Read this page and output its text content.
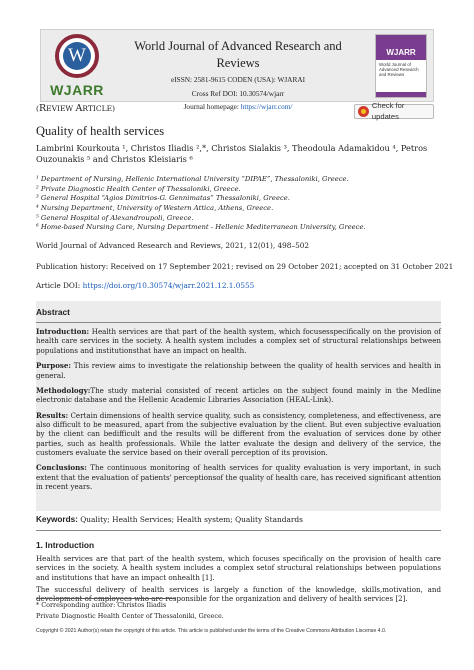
W
WJARR
World Journal of Advanced Research and Reviews
eISSN: 2581-9615 CODEN (USA): WJARAI
Cross Ref DOI: 10.30574/wjarr
Journal homepage: https://wjarr.com/
WJARR
World Journal of Advanced Research and Reviews
(REVIEW ARTICLE)	Check for updates
Quality of health services
Lambrini Kourkouta ¹, Christos Iliadis ²,*, Christos Sialakis ³, Theodoula Adamakidou ⁴, Petros Ouzounakis ⁵ and Christos Kleisiaris ⁶
¹ Department of Nursing, Hellenic International University “DIPAE”, Thessaloniki, Greece.
² Private Diagnostic Health Center of Thessaloniki, Greece.
³ General Hospital “Agios Dimitrios-G. Gennimatas” Thessaloniki, Greece.
⁴ Nursing Department, University of Western Attica, Athens, Greece.
⁵ General Hospital of Alexandroupoli, Greece.
⁶ Home-based Nursing Care, Nursing Department - Hellenic Mediterranean University, Greece.
World Journal of Advanced Research and Reviews, 2021, 12(01), 498–502
Publication history: Received on 17 September 2021; revised on 29 October 2021; accepted on 31 October 2021
Article DOI: https://doi.org/10.30574/wjarr.2021.12.1.0555
Abstract

Introduction: Health services are that part of the health system, which focusesspecifically on the provision of health care services in the society. A health system includes a complex set of structural relationships between populations and institutionsthat have an impact on health.

Purpose: This review aims to investigate the relationship between the quality of health services and health in general.

Methodology:The study material consisted of recent articles on the subject found mainly in the Medline electronic database and the Hellenic Academic Libraries Association (HEAL-Link).

Results: Certain dimensions of health service quality, such as consistency, completeness, and effectiveness, are also difficult to be measured, apart from the subjective evaluation by the client. But even subjective evaluation by the client can bedifficult and the results will be different from the evaluation of services done by other parties, such as health professionals. While the latter evaluate the design and delivery of the service, the customers evaluate the service based on their overall perception of its provision.

Conclusions: The continuous monitoring of health services for quality evaluation is very important, in such extent that the evaluation of patients' perceptionsof the quality of health care, has received significant attention in recent years.

Keywords: Quality; Health Services; Health system; Quality Standards
1. Introduction

Health services are that part of the health system, which focuses specifically on the provision of health care services in the society. A health system includes a complex setof structural relationships between populations and institutions that have an impact onhealth [1].

The successful delivery of health services is largely a function of the knowledge, skills,motivation, and development of employees who are responsible for the organization and delivery of health services [2].

* Corresponding author: Christos Iliadis
Private Diagnostic Health Center of Thessaloniki, Greece.
Copyright © 2021 Author(s) retain the copyright of this article. This article is published under the terms of the Creative Commons Attribution Liscense 4.0.
